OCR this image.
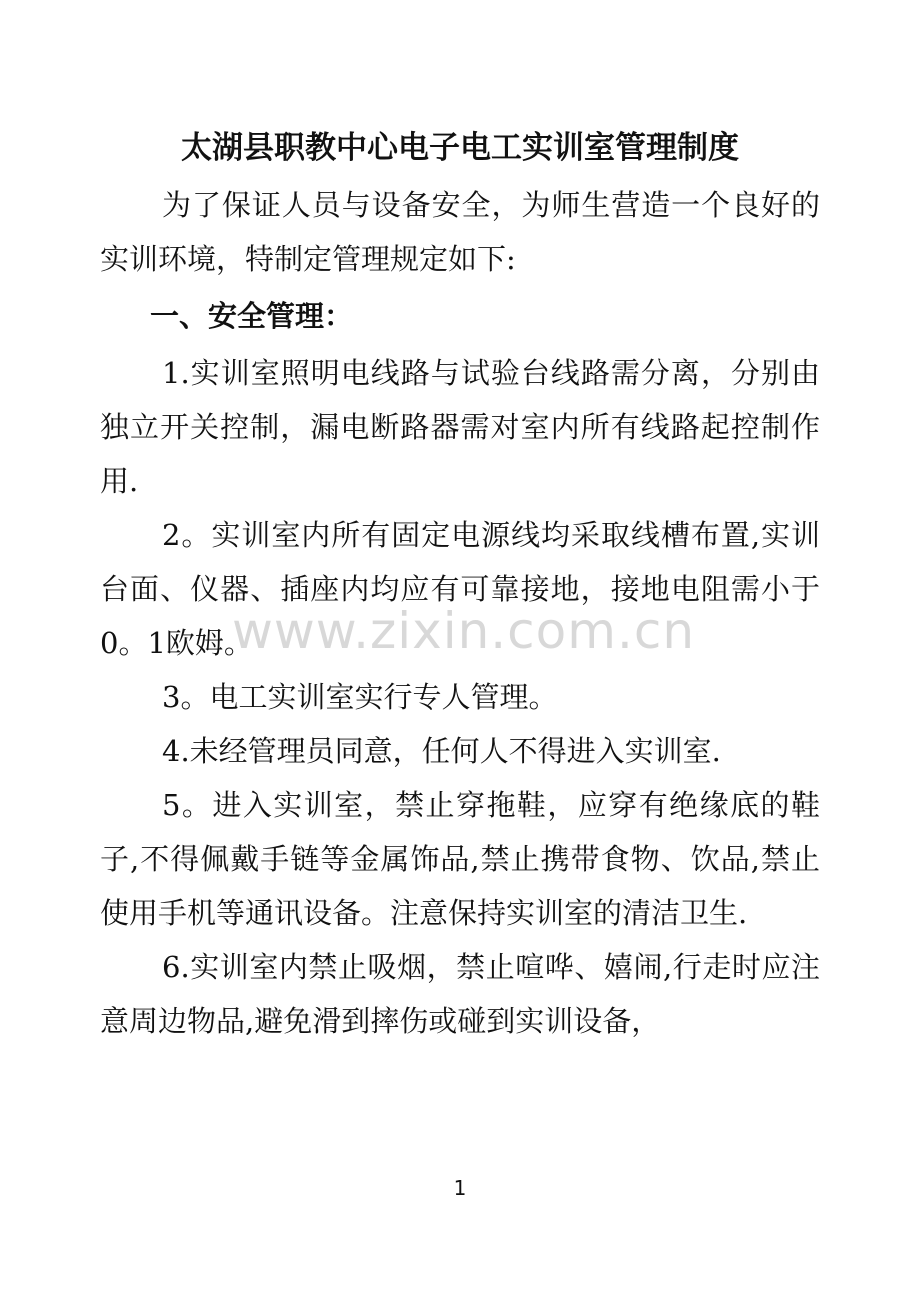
太湖县职教中心电子电工实训室管理制度

为了保证人员与设备安全，为师生营造一个良好的实训环境，特制定管理规定如下:

一、安全管理：

1.实训室照明电线路与试验台线路需分离，分别由独立开关控制，漏电断路器需对室内所有线路起控制作用.

2。实训室内所有固定电源线均采取线槽布置,实训台面、仪器、插座内均应有可靠接地，接地电阻需小于0。1欧姆。

3。电工实训室实行专人管理。

4.未经管理员同意，任何人不得进入实训室.

5。进入实训室，禁止穿拖鞋，应穿有绝缘底的鞋子,不得佩戴手链等金属饰品,禁止携带食物、饮品,禁止使用手机等通讯设备。注意保持实训室的清洁卫生.

6.实训室内禁止吸烟，禁止喧哗、嬉闹,行走时应注意周边物品,避免滑到摔伤或碰到实训设备，

www.zixin.com.cn
1
